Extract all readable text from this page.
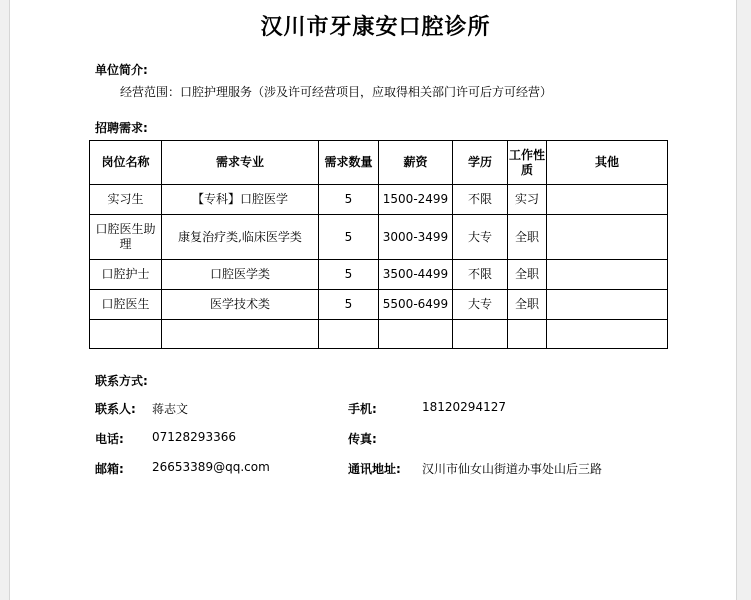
汉川市牙康安口腔诊所
单位简介:
经营范围：口腔护理服务（涉及许可经营项目，应取得相关部门许可后方可经营）
招聘需求:
岗位名称	需求专业	需求数量	薪资	学历	工作性质	其他
实习生	【专科】口腔医学	5	1500-2499	不限	实习	
口腔医生助理	康复治疗类,临床医学类	5	3000-3499	大专	全职	
口腔护士	口腔医学类	5	3500-4499	不限	全职	
口腔医生	医学技术类	5	5500-6499	大专	全职	

联系方式:
联系人: 蒋志文	手机:	18120294127
电话: 07128293366	传真:
邮箱: 26653389@qq.com	通讯地址: 汉川市仙女山街道办事处山后三路
